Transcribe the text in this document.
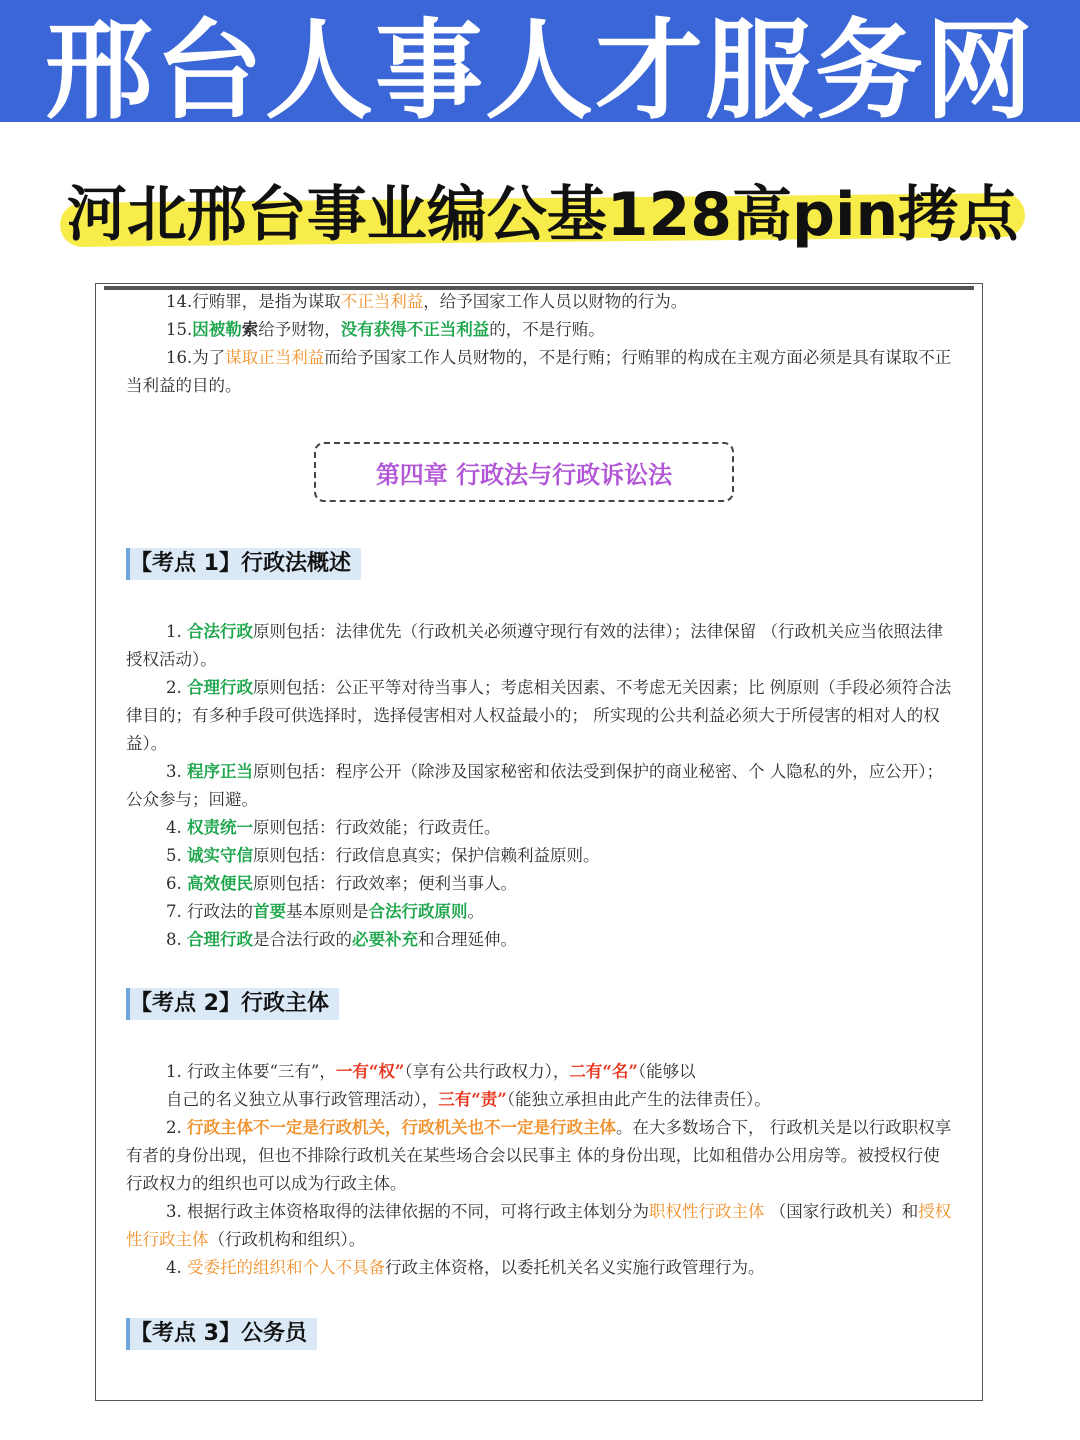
邢台人事人才服务网
河北邢台事业编公基128高pin拷点

14.行贿罪，是指为谋取不正当利益，给予国家工作人员以财物的行为。

15.因被勒索给予财物，没有获得不正当利益的，不是行贿。

16.为了谋取正当利益而给予国家工作人员财物的，不是行贿；行贿罪的构成在主观方面必须是具有谋取不正当利益的目的。

第四章 行政法与行政诉讼法
【考点 1】行政法概述

1. 合法行政原则包括：法律优先（行政机关必须遵守现行有效的法律）；法律保留 （行政机关应当依照法律授权活动）。

2. 合理行政原则包括：公正平等对待当事人；考虑相关因素、不考虑无关因素；比 例原则（手段必须符合法律目的；有多种手段可供选择时，选择侵害相对人权益最小的； 所实现的公共利益必须大于所侵害的相对人的权益）。

3. 程序正当原则包括：程序公开（除涉及国家秘密和依法受到保护的商业秘密、个 人隐私的外，应公开）；公众参与；回避。

4. 权责统一原则包括：行政效能；行政责任。

5. 诚实守信原则包括：行政信息真实；保护信赖利益原则。

6. 高效便民原则包括：行政效率；便利当事人。

7. 行政法的首要基本原则是合法行政原则。

8. 合理行政是合法行政的必要补充和合理延伸。

【考点 2】行政主体

1. 行政主体要“三有”，一有“权”（享有公共行政权力），二有“名”（能够以
自己的名义独立从事行政管理活动），三有“责”（能独立承担由此产生的法律责任）。

2. 行政主体不一定是行政机关，行政机关也不一定是行政主体。在大多数场合下， 行政机关是以行政职权享有者的身份出现，但也不排除行政机关在某些场合会以民事主 体的身份出现，比如租借办公用房等。被授权行使行政权力的组织也可以成为行政主体。

3. 根据行政主体资格取得的法律依据的不同，可将行政主体划分为职权性行政主体 （国家行政机关）和授权性行政主体（行政机构和组织）。

4. 受委托的组织和个人不具备行政主体资格，以委托机关名义实施行政管理行为。

【考点 3】公务员
